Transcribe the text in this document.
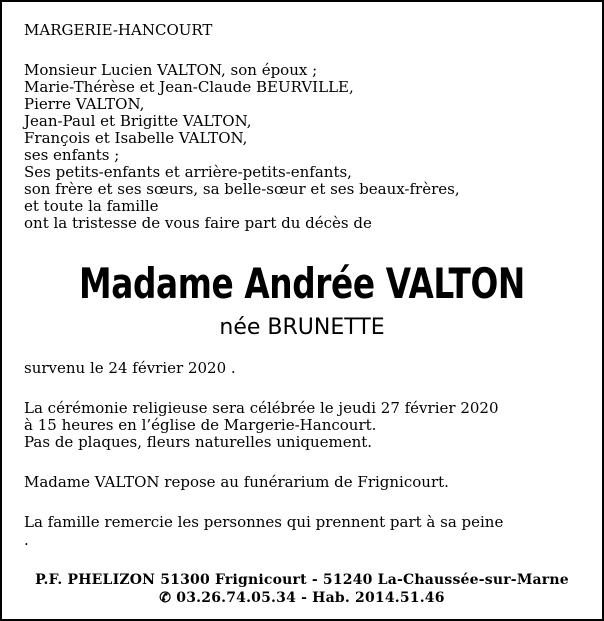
MARGERIE-HANCOURT
Monsieur Lucien VALTON, son époux ;
Marie-Thérèse et Jean-Claude BEURVILLE,
Pierre VALTON,
Jean-Paul et Brigitte VALTON,
François et Isabelle VALTON,
ses enfants ;
Ses petits-enfants et arrière-petits-enfants,
son frère et ses sœurs, sa belle-sœur et ses beaux-frères,
et toute la famille
ont la tristesse de vous faire part du décès de
Madame Andrée VALTON
née BRUNETTE
survenu le 24 février 2020 .
La cérémonie religieuse sera célébrée le jeudi 27 février 2020
à 15 heures en l’église de Margerie-Hancourt.
Pas de plaques, fleurs naturelles uniquement.
Madame VALTON repose au funérarium de Frignicourt.
La famille remercie les personnes qui prennent part à sa peine
.
P.F. PHELIZON 51300 Frignicourt - 51240 La-Chaussée-sur-Marne
✆ 03.26.74.05.34 - Hab. 2014.51.46
